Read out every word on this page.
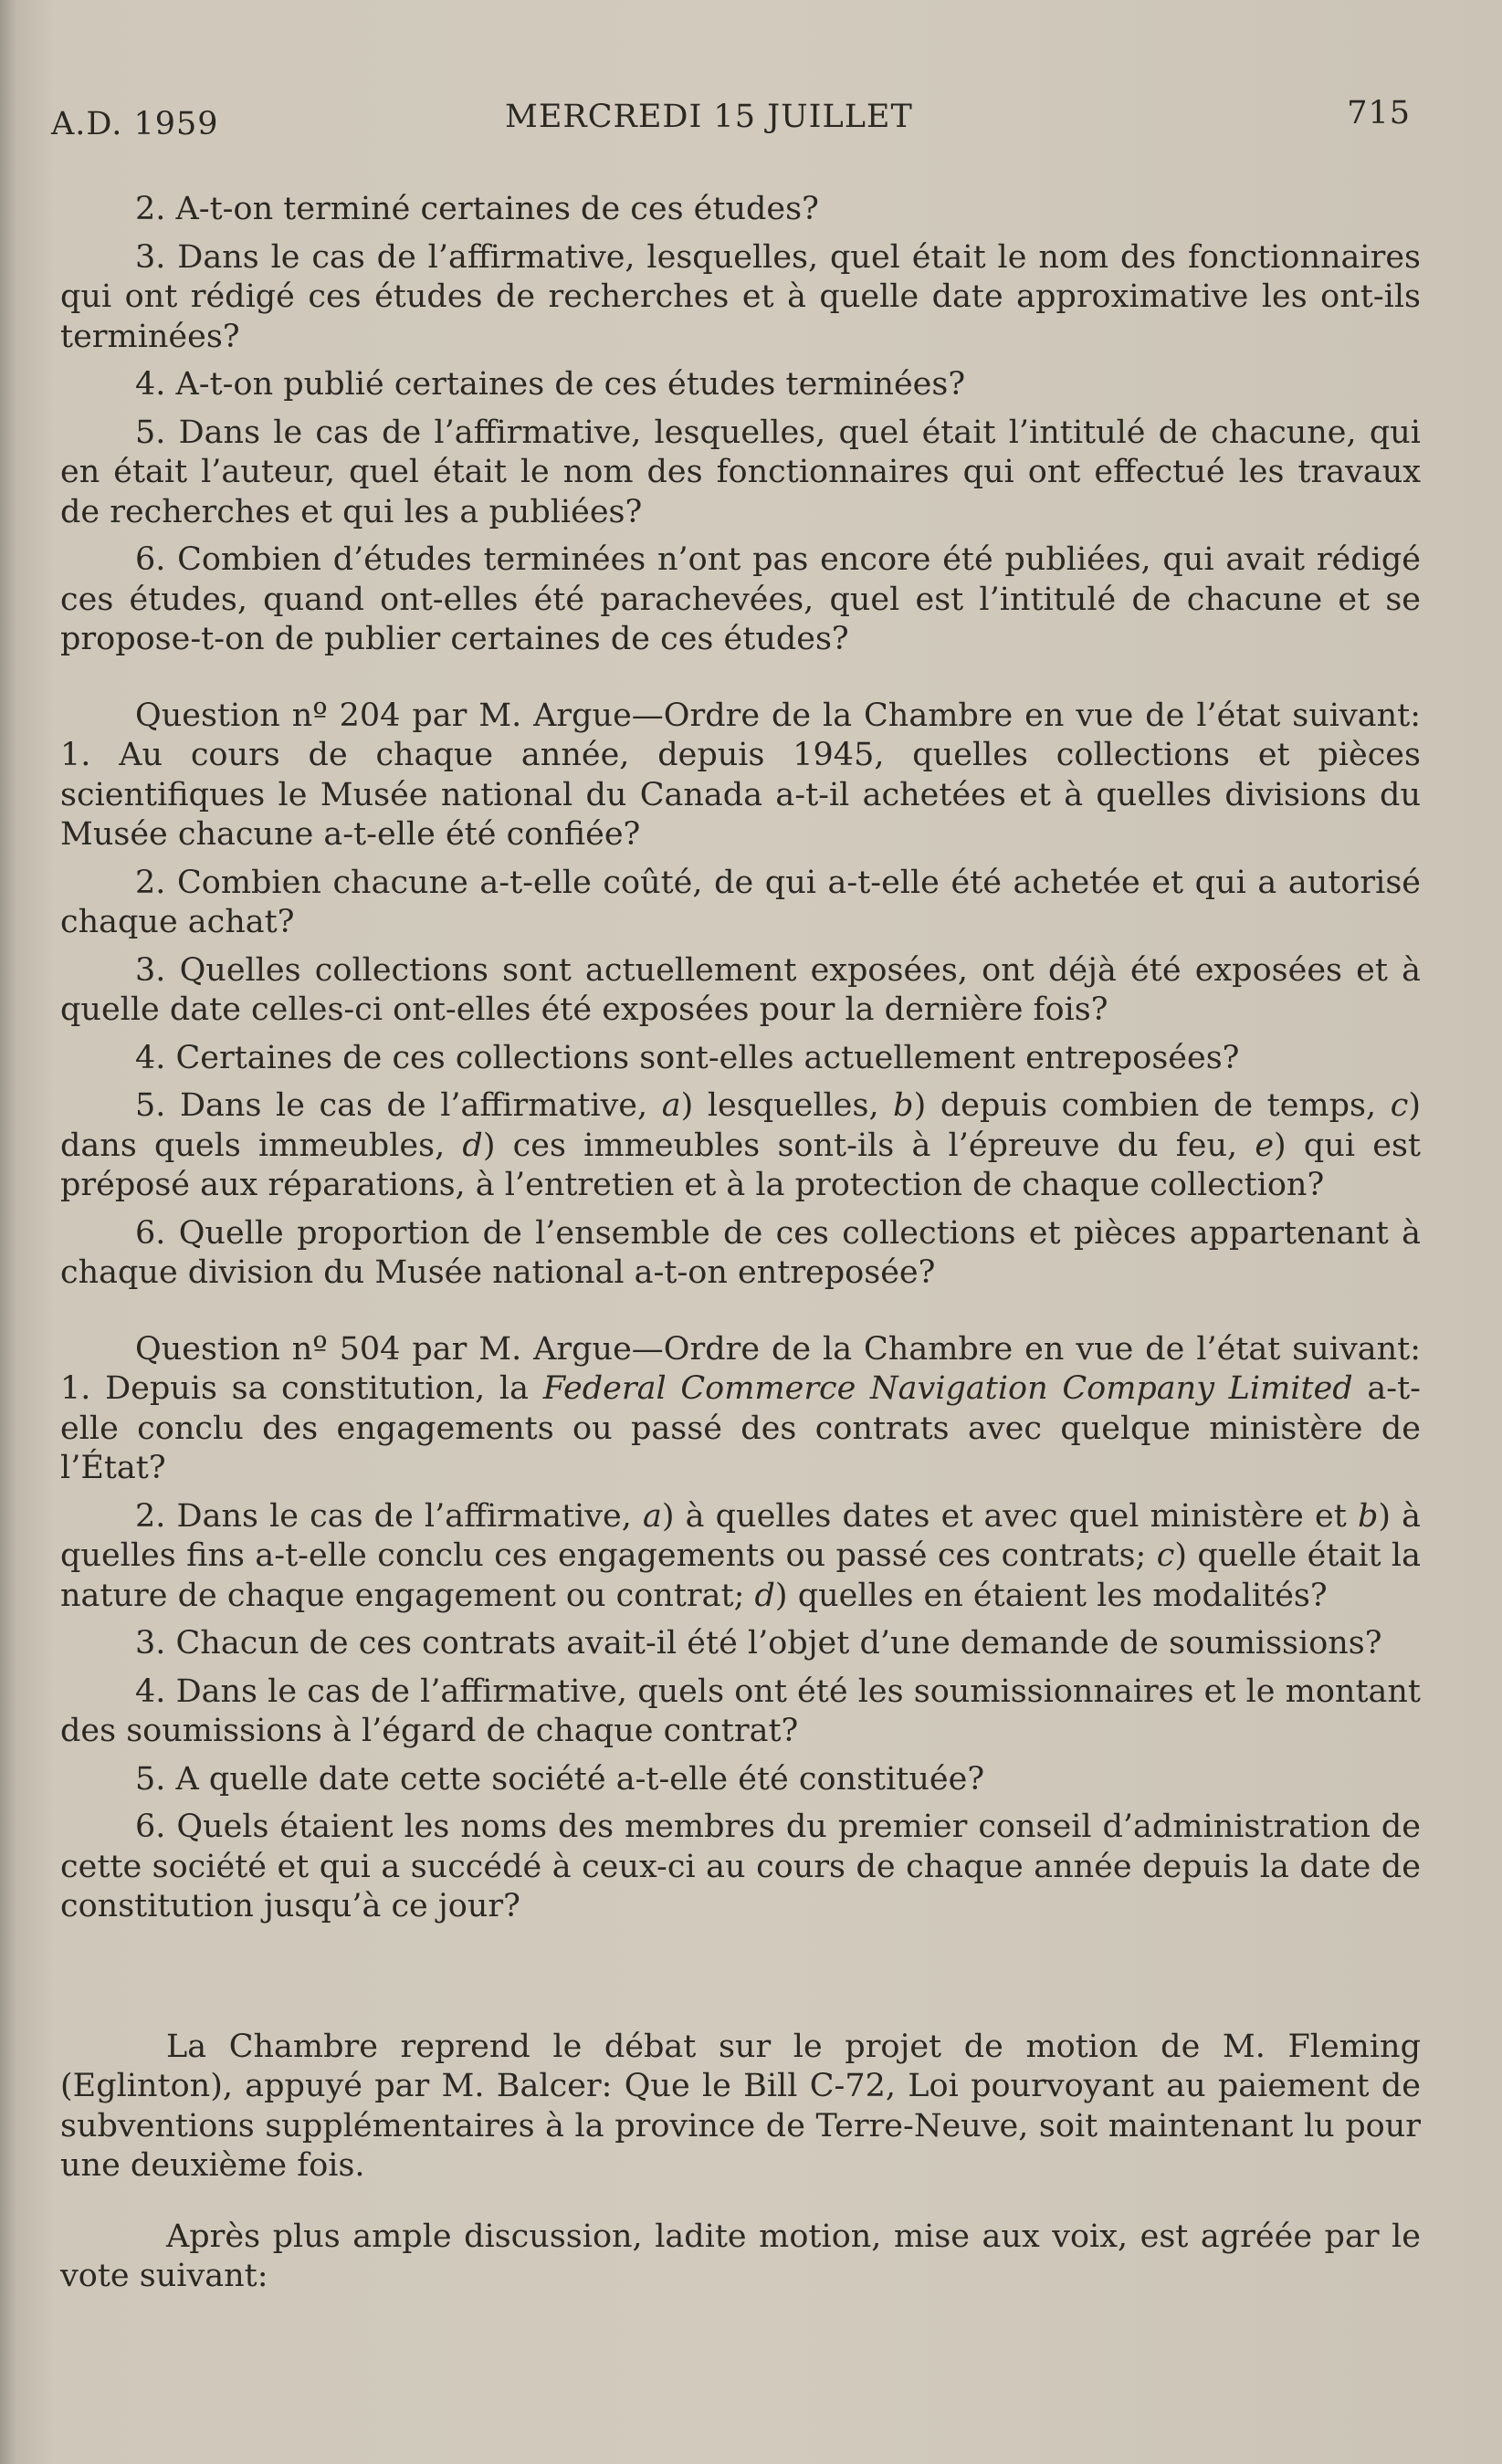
A.D. 1959	MERCREDI 15 JUILLET	715

2. A-t-on terminé certaines de ces études?

3. Dans le cas de l’affirmative, lesquelles, quel était le nom des fonctionnaires qui ont rédigé ces études de recherches et à quelle date approximative les ont-ils terminées?

4. A-t-on publié certaines de ces études terminées?

5. Dans le cas de l’affirmative, lesquelles, quel était l’intitulé de chacune, qui en était l’auteur, quel était le nom des fonctionnaires qui ont effectué les travaux de recherches et qui les a publiées?

6. Combien d’études terminées n’ont pas encore été publiées, qui avait rédigé ces études, quand ont-elles été parachevées, quel est l’intitulé de chacune et se propose-t-on de publier certaines de ces études?

Question nº 204 par M. Argue—Ordre de la Chambre en vue de l’état suivant: 1. Au cours de chaque année, depuis 1945, quelles collections et pièces scientifiques le Musée national du Canada a-t-il achetées et à quelles divisions du Musée chacune a-t-elle été confiée?

2. Combien chacune a-t-elle coûté, de qui a-t-elle été achetée et qui a autorisé chaque achat?

3. Quelles collections sont actuellement exposées, ont déjà été exposées et à quelle date celles-ci ont-elles été exposées pour la dernière fois?

4. Certaines de ces collections sont-elles actuellement entreposées?

5. Dans le cas de l’affirmative, a) lesquelles, b) depuis combien de temps, c) dans quels immeubles, d) ces immeubles sont-ils à l’épreuve du feu, e) qui est préposé aux réparations, à l’entretien et à la protection de chaque collection?

6. Quelle proportion de l’ensemble de ces collections et pièces appartenant à chaque division du Musée national a-t-on entreposée?

Question nº 504 par M. Argue—Ordre de la Chambre en vue de l’état suivant: 1. Depuis sa constitution, la Federal Commerce Navigation Company Limited a-t-elle conclu des engagements ou passé des contrats avec quelque ministère de l’État?

2. Dans le cas de l’affirmative, a) à quelles dates et avec quel ministère et b) à quelles fins a-t-elle conclu ces engagements ou passé ces contrats; c) quelle était la nature de chaque engagement ou contrat; d) quelles en étaient les modalités?

3. Chacun de ces contrats avait-il été l’objet d’une demande de soumissions?

4. Dans le cas de l’affirmative, quels ont été les soumissionnaires et le montant des soumissions à l’égard de chaque contrat?

5. A quelle date cette société a-t-elle été constituée?

6. Quels étaient les noms des membres du premier conseil d’administration de cette société et qui a succédé à ceux-ci au cours de chaque année depuis la date de constitution jusqu’à ce jour?

La Chambre reprend le débat sur le projet de motion de M. Fleming (Eglinton), appuyé par M. Balcer: Que le Bill C-72, Loi pourvoyant au paiement de subventions supplémentaires à la province de Terre-Neuve, soit maintenant lu pour une deuxième fois.

Après plus ample discussion, ladite motion, mise aux voix, est agréée par le vote suivant:
